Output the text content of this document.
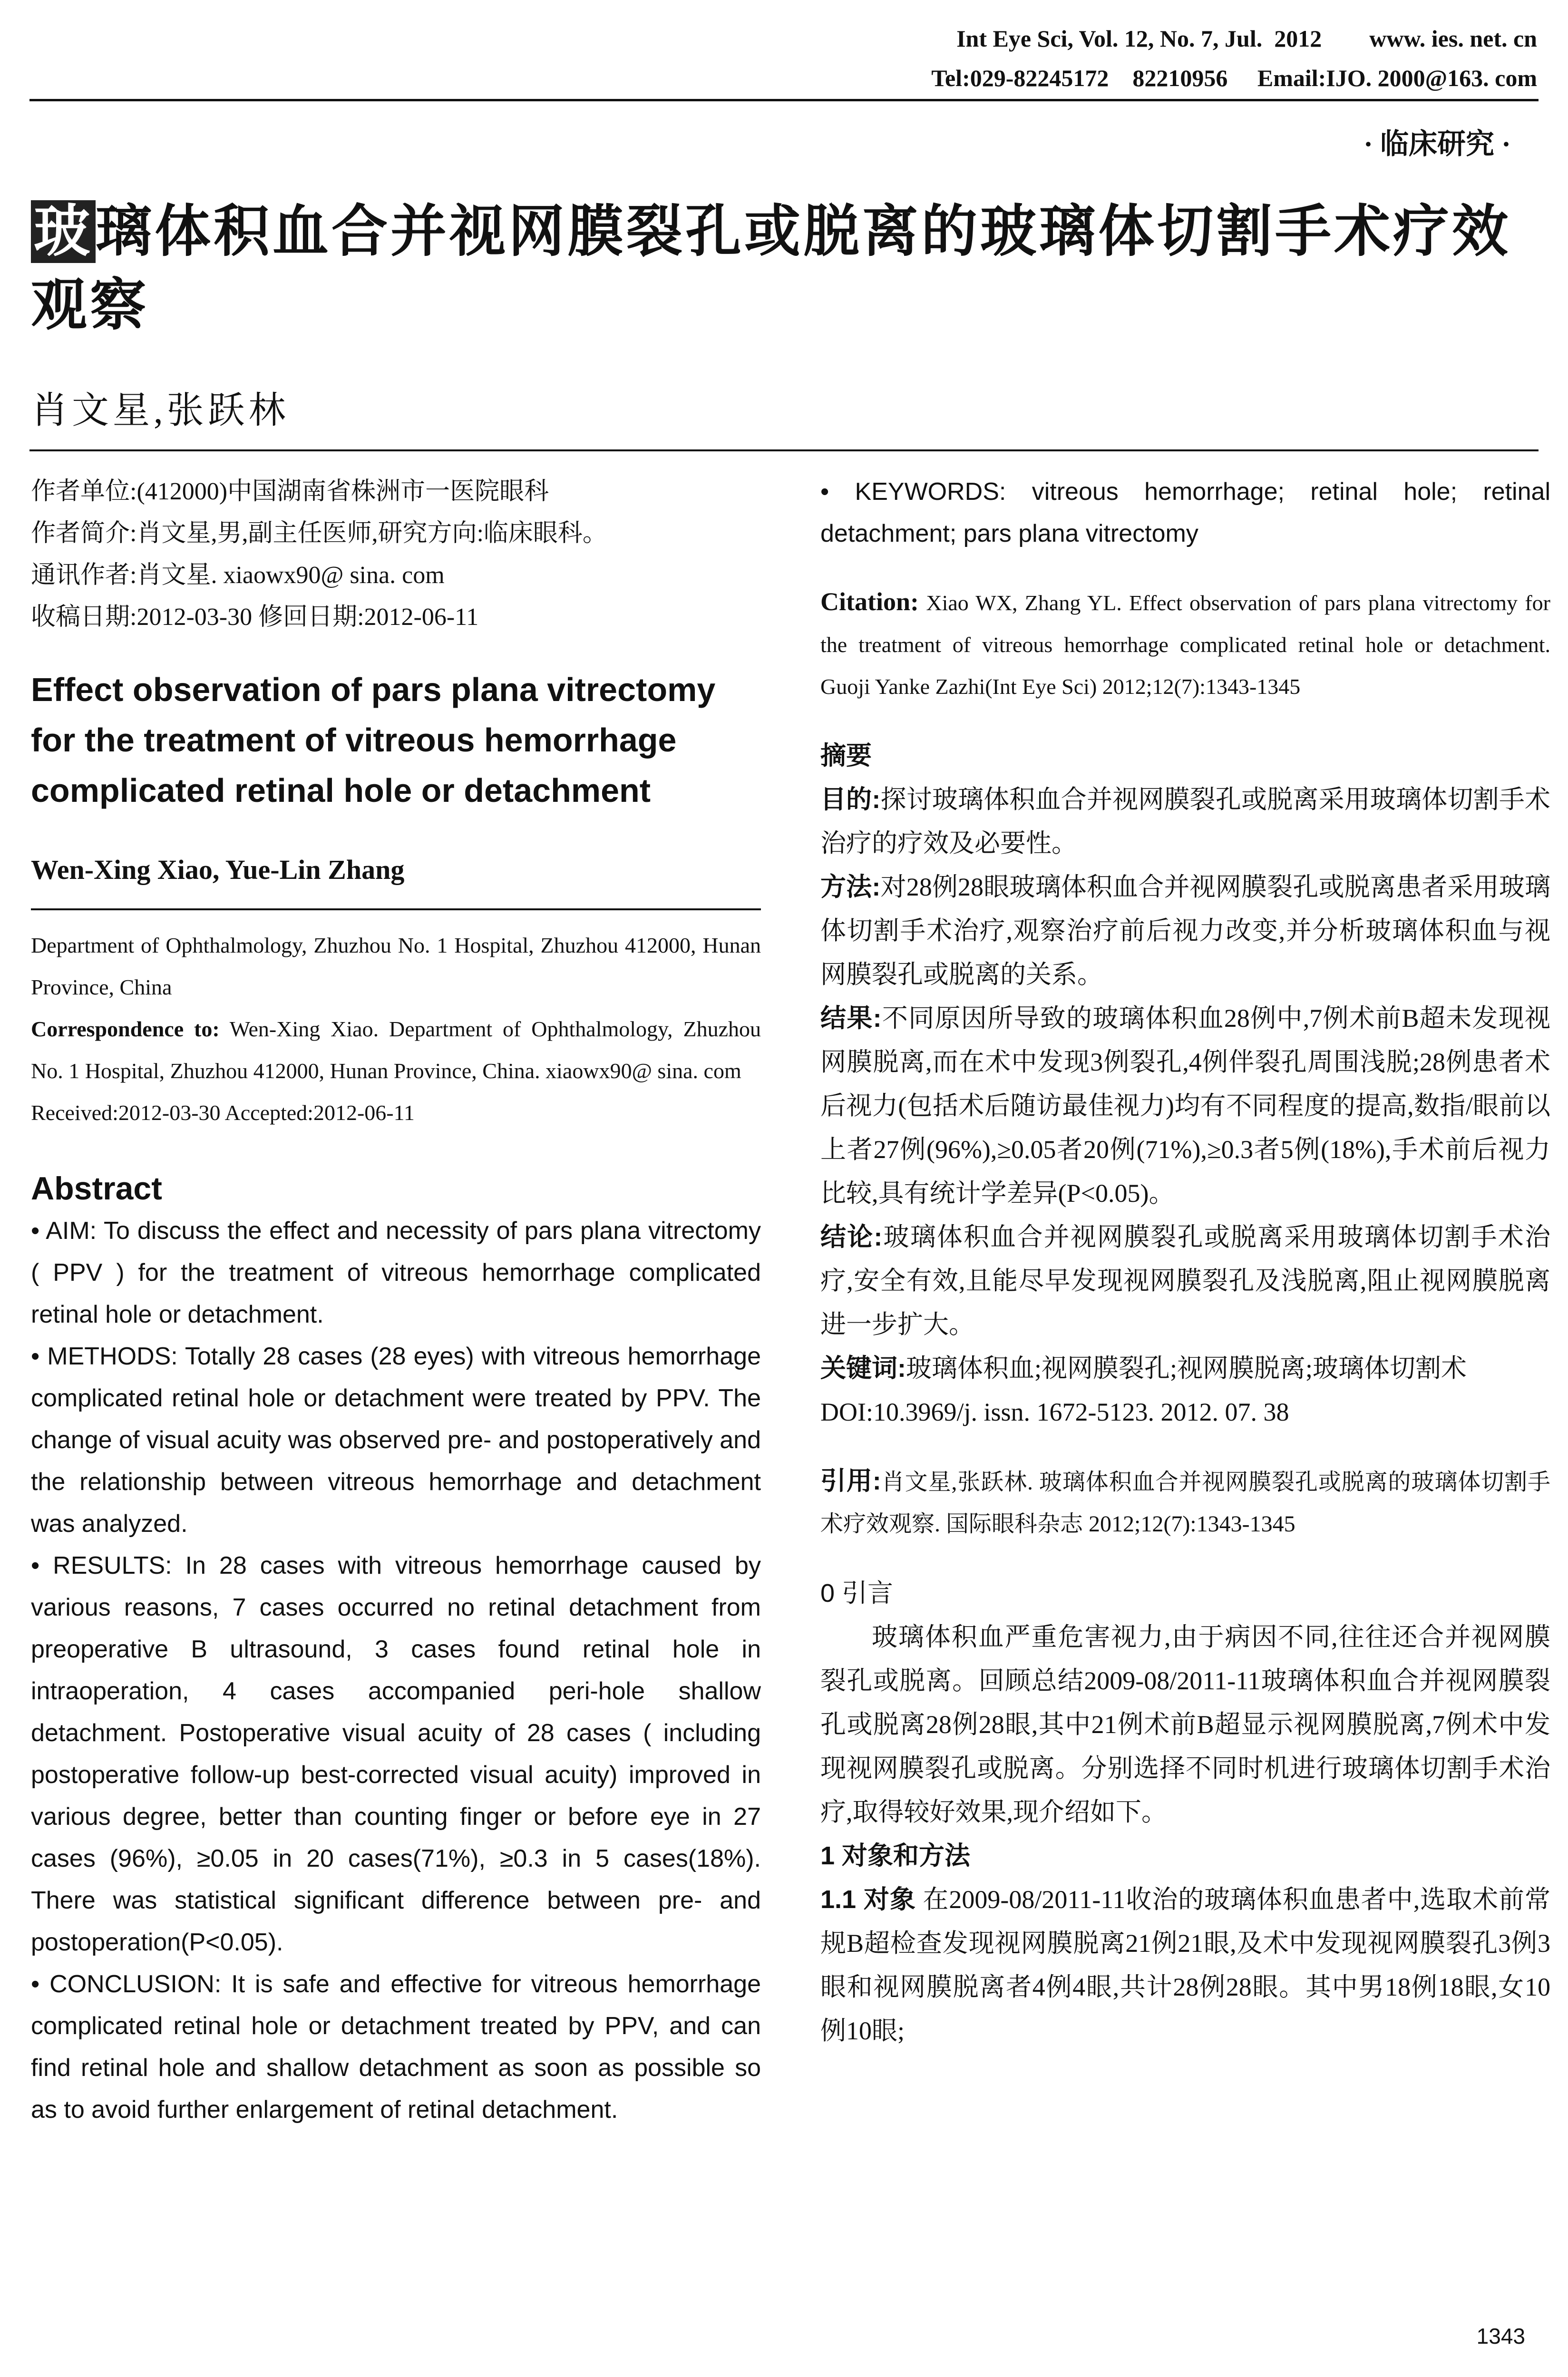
Int Eye Sci, Vol. 12, No. 7, Jul.  2012        www. ies. net. cn
Tel:029-82245172    82210956     Email:IJO. 2000@163. com
· 临床研究 ·
玻璃体积血合并视网膜裂孔或脱离的玻璃体切割手术疗效观察
肖文星,张跃林
作者单位:(412000)中国湖南省株洲市一医院眼科
作者简介:肖文星,男,副主任医师,研究方向:临床眼科。
通讯作者:肖文星. xiaowx90@ sina. com
收稿日期:2012-03-30 修回日期:2012-06-11
Effect observation of pars plana vitrectomy for the treatment of vitreous hemorrhage complicated retinal hole or detachment
Wen-Xing Xiao, Yue-Lin Zhang
Department of Ophthalmology, Zhuzhou No. 1 Hospital, Zhuzhou 412000, Hunan Province, China
Correspondence to: Wen-Xing Xiao. Department of Ophthalmology, Zhuzhou No. 1 Hospital, Zhuzhou 412000, Hunan Province, China. xiaowx90@ sina. com
Received:2012-03-30 Accepted:2012-06-11
Abstract

• AIM: To discuss the effect and necessity of pars plana vitrectomy ( PPV ) for the treatment of vitreous hemorrhage complicated retinal hole or detachment.

• METHODS: Totally 28 cases (28 eyes) with vitreous hemorrhage complicated retinal hole or detachment were treated by PPV. The change of visual acuity was observed pre- and postoperatively and the relationship between vitreous hemorrhage and detachment was analyzed.

• RESULTS: In 28 cases with vitreous hemorrhage caused by various reasons, 7 cases occurred no retinal detachment from preoperative B ultrasound, 3 cases found retinal hole in intraoperation, 4 cases accompanied peri-hole shallow detachment. Postoperative visual acuity of 28 cases ( including postoperative follow-up best-corrected visual acuity) improved in various degree, better than counting finger or before eye in 27 cases (96%), ≥0.05 in 20 cases(71%), ≥0.3 in 5 cases(18%). There was statistical significant difference between pre- and postoperation(P<0.05).

• CONCLUSION: It is safe and effective for vitreous hemorrhage complicated retinal hole or detachment treated by PPV, and can find retinal hole and shallow detachment as soon as possible so as to avoid further enlargement of retinal detachment.

• KEYWORDS: vitreous hemorrhage; retinal hole; retinal detachment; pars plana vitrectomy

Citation: Xiao WX, Zhang YL. Effect observation of pars plana vitrectomy for the treatment of vitreous hemorrhage complicated retinal hole or detachment. Guoji Yanke Zazhi(Int Eye Sci) 2012;12(7):1343-1345

摘要

目的:探讨玻璃体积血合并视网膜裂孔或脱离采用玻璃体切割手术治疗的疗效及必要性。

方法:对28例28眼玻璃体积血合并视网膜裂孔或脱离患者采用玻璃体切割手术治疗,观察治疗前后视力改变,并分析玻璃体积血与视网膜裂孔或脱离的关系。

结果:不同原因所导致的玻璃体积血28例中,7例术前B超未发现视网膜脱离,而在术中发现3例裂孔,4例伴裂孔周围浅脱;28例患者术后视力(包括术后随访最佳视力)均有不同程度的提高,数指/眼前以上者27例(96%),≥0.05者20例(71%),≥0.3者5例(18%),手术前后视力比较,具有统计学差异(P<0.05)。

结论:玻璃体积血合并视网膜裂孔或脱离采用玻璃体切割手术治疗,安全有效,且能尽早发现视网膜裂孔及浅脱离,阻止视网膜脱离进一步扩大。

关键词:玻璃体积血;视网膜裂孔;视网膜脱离;玻璃体切割术

DOI:10.3969/j. issn. 1672-5123. 2012. 07. 38

引用:肖文星,张跃林. 玻璃体积血合并视网膜裂孔或脱离的玻璃体切割手术疗效观察. 国际眼科杂志 2012;12(7):1343-1345

0 引言

玻璃体积血严重危害视力,由于病因不同,往往还合并视网膜裂孔或脱离。回顾总结2009-08/2011-11玻璃体积血合并视网膜裂孔或脱离28例28眼,其中21例术前B超显示视网膜脱离,7例术中发现视网膜裂孔或脱离。分别选择不同时机进行玻璃体切割手术治疗,取得较好效果,现介绍如下。

1 对象和方法

1.1 对象 在2009-08/2011-11收治的玻璃体积血患者中,选取术前常规B超检查发现视网膜脱离21例21眼,及术中发现视网膜裂孔3例3眼和视网膜脱离者4例4眼,共计28例28眼。其中男18例18眼,女10例10眼;

1343
